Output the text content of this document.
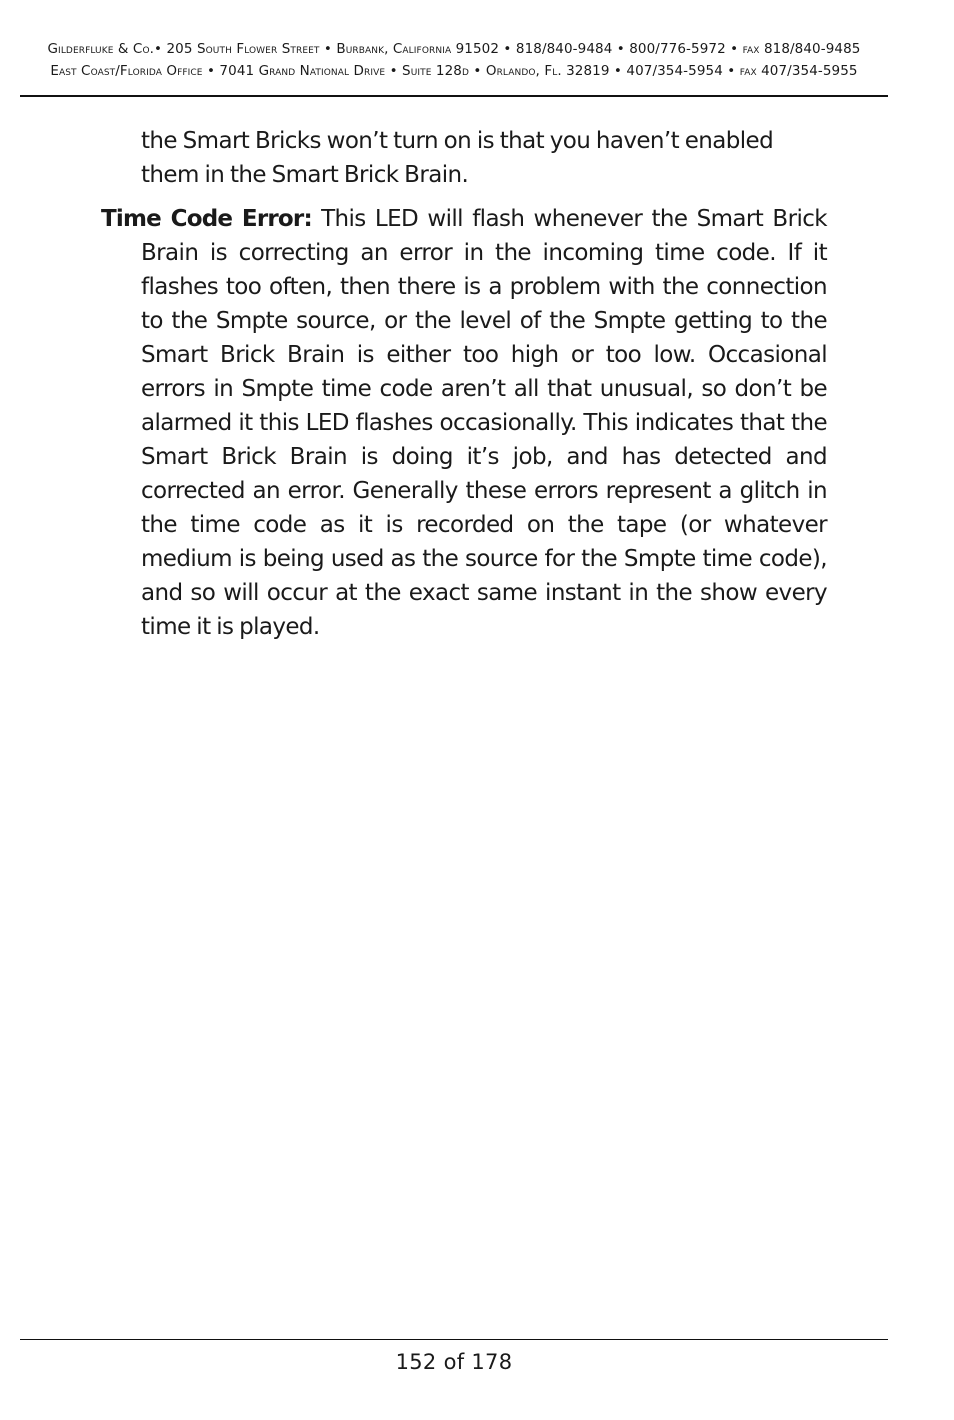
Gilderfluke & Co.• 205 South Flower Street • Burbank, California 91502 • 818/840-9484 • 800/776-5972 • fax 818/840-9485
East Coast/Florida Office • 7041 Grand National Drive • Suite 128d • Orlando, Fl. 32819 • 407/354-5954 • fax 407/354-5955

the Smart Bricks won’t turn on is that you haven’t enabled them in the Smart Brick Brain.

Time Code Error: This LED will flash whenever the Smart Brick Brain is correcting an error in the incoming time code. If it flashes too often, then there is a problem with the connection to the Smpte source, or the level of the Smpte getting to the Smart Brick Brain is either too high or too low. Occasional errors in Smpte time code aren’t all that unusual, so don’t be alarmed it this LED flashes occasionally. This indicates that the Smart Brick Brain is doing it’s job, and has detected and corrected an error. Generally these errors represent a glitch in the time code as it is recorded on the tape (or whatever medium is being used as the source for the Smpte time code), and so will occur at the exact same instant in the show every time it is played.

152 of 178
